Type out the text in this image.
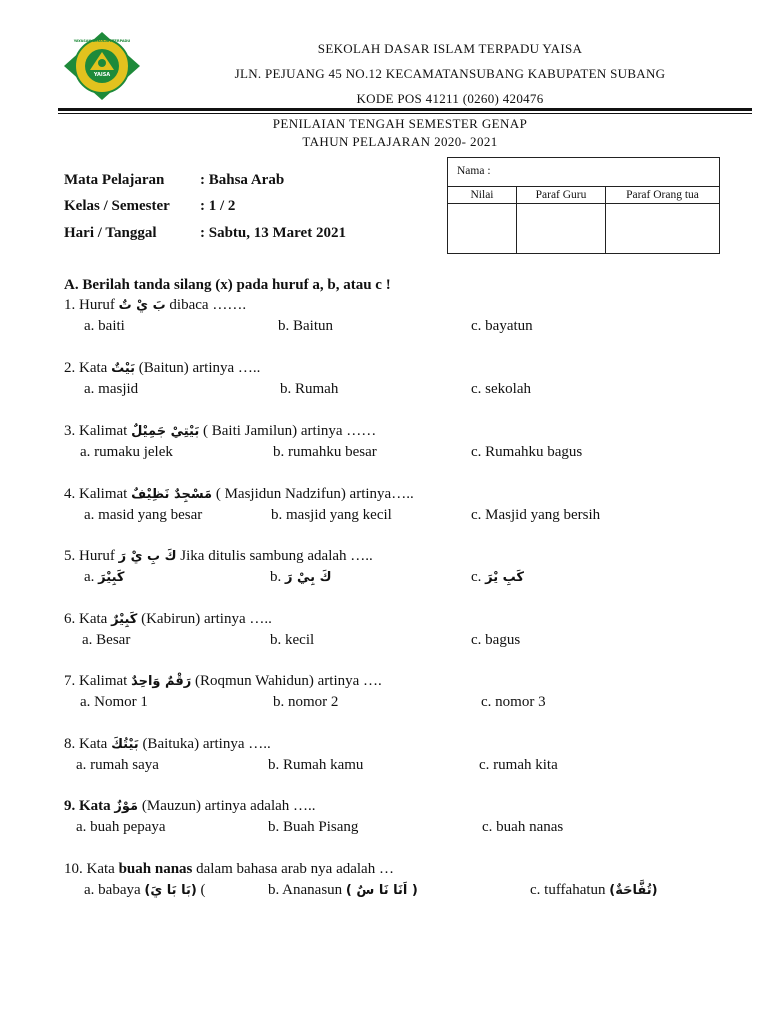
YAISA
YAYASAN SEKOLAH TERPADU	SEKOLAH DASAR ISLAM TERPADU YAISA
JLN. PEJUANG 45 NO.12 KECAMATANSUBANG KABUPATEN SUBANG
KODE POS 41211 (0260) 420476
PENILAIAN TENGAH SEMESTER GENAP
TAHUN PELAJARAN 2020- 2021
Mata Pelajaran : Bahsa Arab
Kelas / Semester : 1 / 2
Hari / Tanggal	: Sabtu, 13 Maret 2021
Nama :		
Nilai	Paraf Guru	Paraf Orang tua

A. Berilah tanda silang (x) pada huruf a, b, atau c !
1. Huruf بَ يْ تٌ dibaca …….
a. baiti	b. Baitun	c. bayatun
2. Kata بَيْتٌ (Baitun) artinya …..
a. masjid	b. Rumah	c. sekolah
3. Kalimat بَيْتِيْ جَمِيْلٌ ( Baiti Jamilun) artinya ……
a. rumaku jelek	b. rumahku besar	c. Rumahku bagus
4. Kalimat مَسْجِدٌ نَظِيْفٌ ( Masjidun Nadzifun) artinya…..
a. masid yang besar	b. masjid yang kecil	c. Masjid yang bersih
5. Huruf كَ بِ يْ رَ Jika ditulis sambung adalah …..
a. كَبِيْرَ	b. كَ بِيْ رَ	c. كَبِ يْرَ
6. Kata كَبِيْرٌ (Kabirun) artinya …..
a. Besar	b. kecil	c. bagus
7. Kalimat رَقْمٌ وَاحِدٌ (Roqmun Wahidun) artinya ….
a. Nomor 1	b. nomor 2	c. nomor 3
8. Kata بَيْتُكَ (Baituka) artinya …..
a. rumah saya	b. Rumah kamu	c. rumah kita
9. Kata مَوْزٌ (Mauzun) artinya adalah …..
a. buah pepaya	b. Buah Pisang	c. buah nanas
10. Kata buah nanas dalam bahasa arab nya adalah …
a. babaya (بَا بَا يَ) (	b. Ananasun ( اَنَا نَا سٌ )	c. tuffahatun (تُفَّاحَةٌ)
